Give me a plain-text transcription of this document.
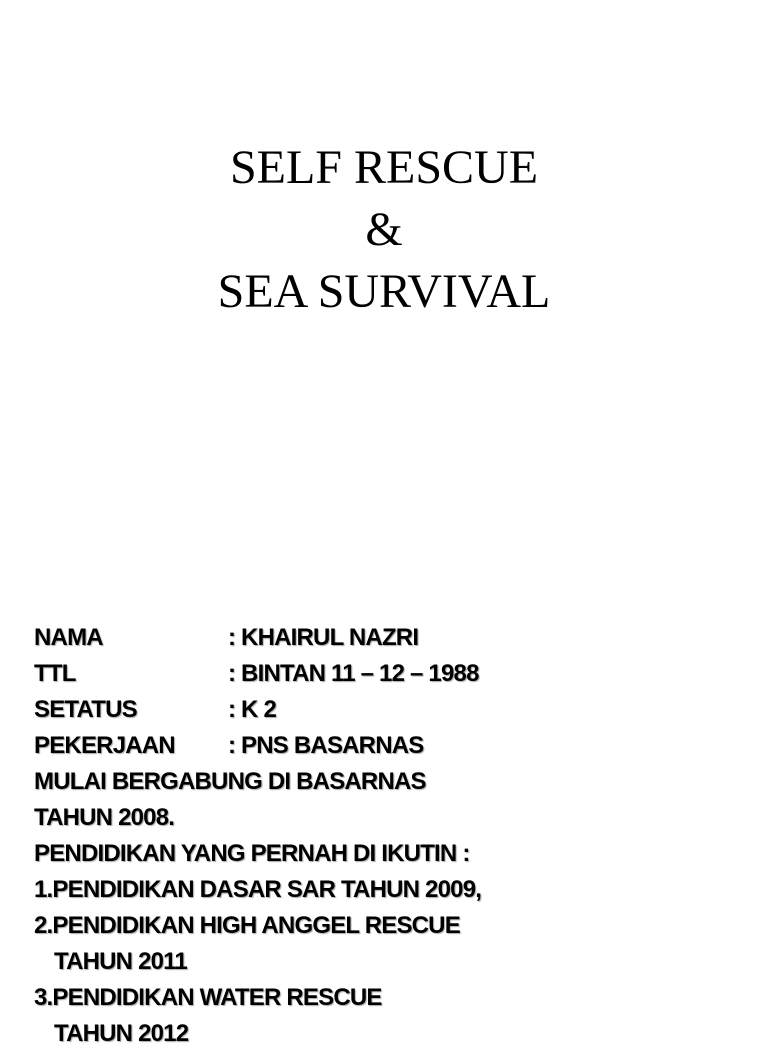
SELF RESCUE
&
SEA SURVIVAL
NAMA	: KHAIRUL NAZRI
TTL	: BINTAN 11 – 12 – 1988
SETATUS	: K 2
PEKERJAAN	: PNS BASARNAS
MULAI BERGABUNG DI BASARNAS
TAHUN 2008.
PENDIDIKAN YANG PERNAH DI IKUTIN :
1.PENDIDIKAN DASAR SAR TAHUN 2009,
2.PENDIDIKAN HIGH ANGGEL RESCUE
TAHUN 2011
3.PENDIDIKAN WATER RESCUE
TAHUN 2012
